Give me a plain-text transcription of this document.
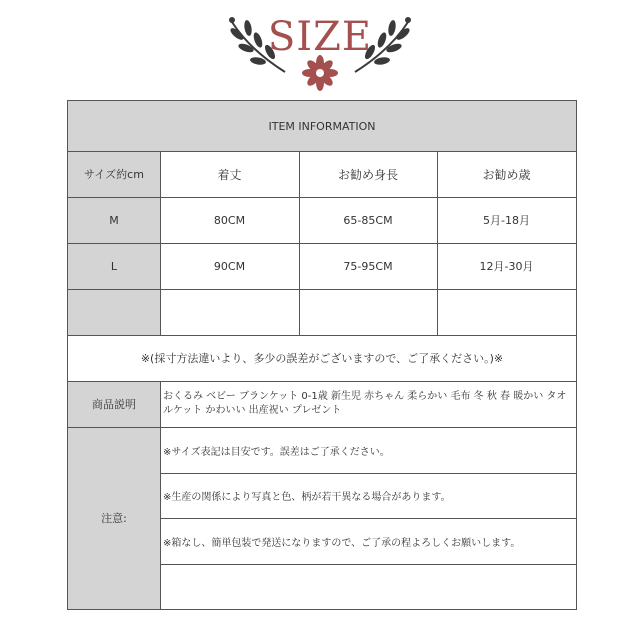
SIZE
ITEM INFORMATION
サイズ約cm	着丈	お勧め身長	お勧め歳
M	80CM	65-85CM	5月-18月
L	90CM	75-95CM	12月-30月
※(採寸方法違いより、多少の誤差がございますので、ご了承ください。)※
商品説明
おくるみ ベビー ブランケット 0-1歳 新生児 赤ちゃん 柔らかい 毛布 冬 秋 春 暖かい タオルケット かわいい 出産祝い プレゼント
注意:
※サイズ表記は目安です。誤差はご了承ください。
※生産の関係により写真と色、柄が若干異なる場合があります。
※箱なし、簡単包装で発送になりますので、ご了承の程よろしくお願いします。
